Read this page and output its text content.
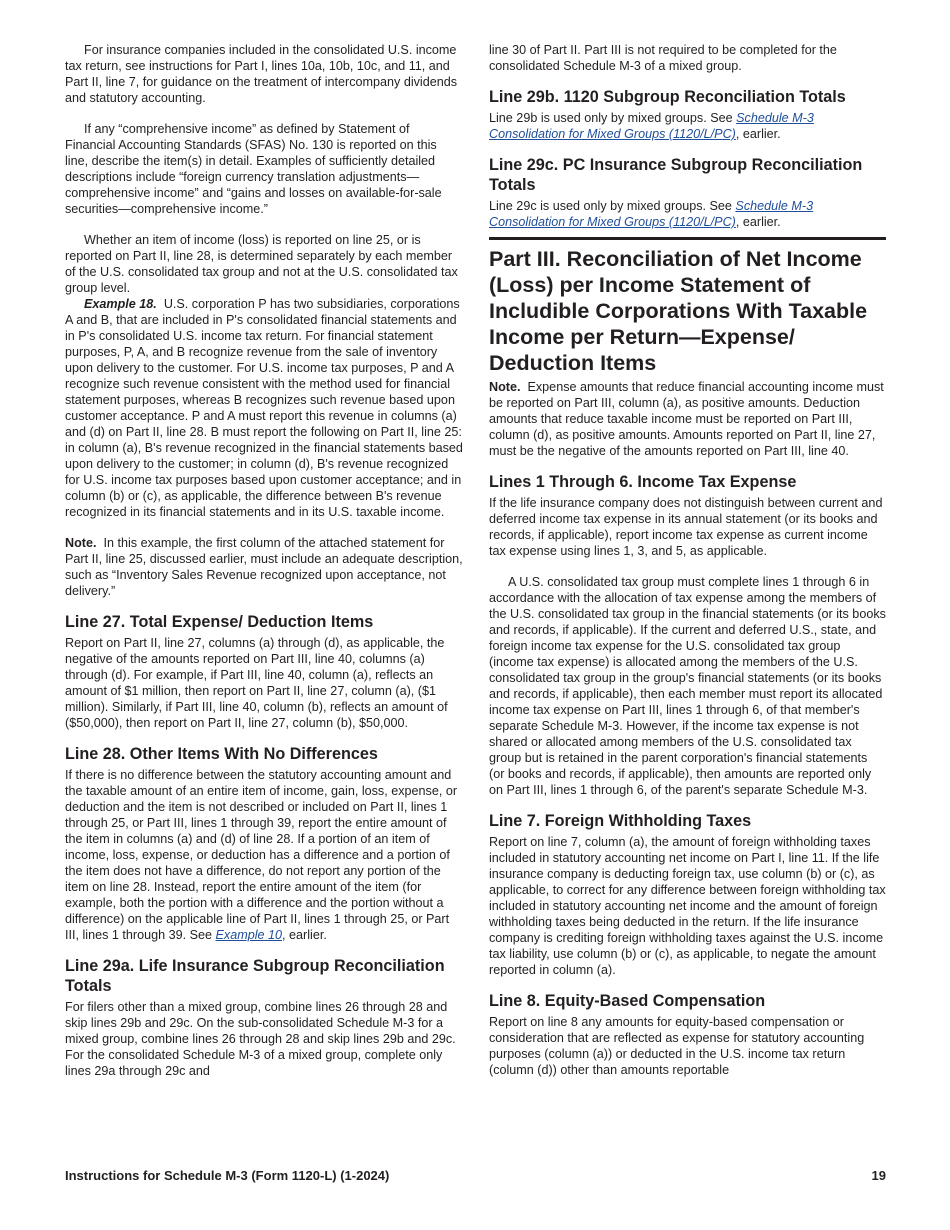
For insurance companies included in the consolidated U.S. income tax return, see instructions for Part I, lines 10a, 10b, 10c, and 11, and Part II, line 7, for guidance on the treatment of intercompany dividends and statutory accounting.

If any “comprehensive income” as defined by Statement of Financial Accounting Standards (SFAS) No. 130 is reported on this line, describe the item(s) in detail. Examples of sufficiently detailed descriptions include “foreign currency translation adjustments—comprehensive income” and “gains and losses on available-for-sale securities—comprehensive income.”

Whether an item of income (loss) is reported on line 25, or is reported on Part II, line 28, is determined separately by each member of the U.S. consolidated tax group and not at the U.S. consolidated tax group level.

Example 18. U.S. corporation P has two subsidiaries, corporations A and B, that are included in P's consolidated financial statements and in P's consolidated U.S. income tax return. For financial statement purposes, P, A, and B recognize revenue from the sale of inventory upon delivery to the customer. For U.S. income tax purposes, P and A recognize such revenue consistent with the method used for financial statement purposes, whereas B recognizes such revenue based upon customer acceptance. P and A must report this revenue in columns (a) and (d) on Part II, line 28. B must report the following on Part II, line 25: in column (a), B's revenue recognized in the financial statements based upon delivery to the customer; in column (d), B's revenue recognized for U.S. income tax purposes based upon customer acceptance; and in column (b) or (c), as applicable, the difference between B's revenue recognized in its financial statements and in its U.S. taxable income.

Note. In this example, the first column of the attached statement for Part II, line 25, discussed earlier, must include an adequate description, such as “Inventory Sales Revenue recognized upon acceptance, not delivery.”

Line 27. Total Expense/ Deduction Items

Report on Part II, line 27, columns (a) through (d), as applicable, the negative of the amounts reported on Part III, line 40, columns (a) through (d). For example, if Part III, line 40, column (a), reflects an amount of $1 million, then report on Part II, line 27, column (a), ($1 million). Similarly, if Part III, line 40, column (b), reflects an amount of ($50,000), then report on Part II, line 27, column (b), $50,000.

Line 28. Other Items With No Differences

If there is no difference between the statutory accounting amount and the taxable amount of an entire item of income, gain, loss, expense, or deduction and the item is not described or included on Part II, lines 1 through 25, or Part III, lines 1 through 39, report the entire amount of the item in columns (a) and (d) of line 28. If a portion of an item of income, loss, expense, or deduction has a difference and a portion of the item does not have a difference, do not report any portion of the item on line 28. Instead, report the entire amount of the item (for example, both the portion with a difference and the portion without a difference) on the applicable line of Part II, lines 1 through 25, or Part III, lines 1 through 39. See Example 10, earlier.

Line 29a. Life Insurance Subgroup Reconciliation Totals

For filers other than a mixed group, combine lines 26 through 28 and skip lines 29b and 29c. On the sub-consolidated Schedule M-3 for a mixed group, combine lines 26 through 28 and skip lines 29b and 29c. For the consolidated Schedule M-3 of a mixed group, complete only lines 29a through 29c and

line 30 of Part II. Part III is not required to be completed for the consolidated Schedule M-3 of a mixed group.

Line 29b. 1120 Subgroup Reconciliation Totals

Line 29b is used only by mixed groups. See Schedule M-3 Consolidation for Mixed Groups (1120/L/PC), earlier.

Line 29c. PC Insurance Subgroup Reconciliation Totals

Line 29c is used only by mixed groups. See Schedule M-3 Consolidation for Mixed Groups (1120/L/PC), earlier.

Part III. Reconciliation of Net Income (Loss) per Income Statement of Includible Corporations With Taxable Income per Return—Expense/ Deduction Items

Note. Expense amounts that reduce financial accounting income must be reported on Part III, column (a), as positive amounts. Deduction amounts that reduce taxable income must be reported on Part III, column (d), as positive amounts. Amounts reported on Part II, line 27, must be the negative of the amounts reported on Part III, line 40.

Lines 1 Through 6. Income Tax Expense

If the life insurance company does not distinguish between current and deferred income tax expense in its annual statement (or its books and records, if applicable), report income tax expense as current income tax expense using lines 1, 3, and 5, as applicable.

A U.S. consolidated tax group must complete lines 1 through 6 in accordance with the allocation of tax expense among the members of the U.S. consolidated tax group in the financial statements (or its books and records, if applicable). If the current and deferred U.S., state, and foreign income tax expense for the U.S. consolidated tax group (income tax expense) is allocated among the members of the U.S. consolidated tax group in the group's financial statements (or its books and records, if applicable), then each member must report its allocated income tax expense on Part III, lines 1 through 6, of that member's separate Schedule M-3. However, if the income tax expense is not shared or allocated among members of the U.S. consolidated tax group but is retained in the parent corporation's financial statements (or books and records, if applicable), then amounts are reported only on Part III, lines 1 through 6, of the parent's separate Schedule M-3.

Line 7. Foreign Withholding Taxes

Report on line 7, column (a), the amount of foreign withholding taxes included in statutory accounting net income on Part I, line 11. If the life insurance company is deducting foreign tax, use column (b) or (c), as applicable, to correct for any difference between foreign withholding tax included in statutory accounting net income and the amount of foreign withholding taxes being deducted in the return. If the life insurance company is crediting foreign withholding taxes against the U.S. income tax liability, use column (b) or (c), as applicable, to negate the amount reported in column (a).

Line 8. Equity-Based Compensation

Report on line 8 any amounts for equity-based compensation or consideration that are reflected as expense for statutory accounting purposes (column (a)) or deducted in the U.S. income tax return (column (d)) other than amounts reportable

Instructions for Schedule M-3 (Form 1120-L) (1-2024)	19
